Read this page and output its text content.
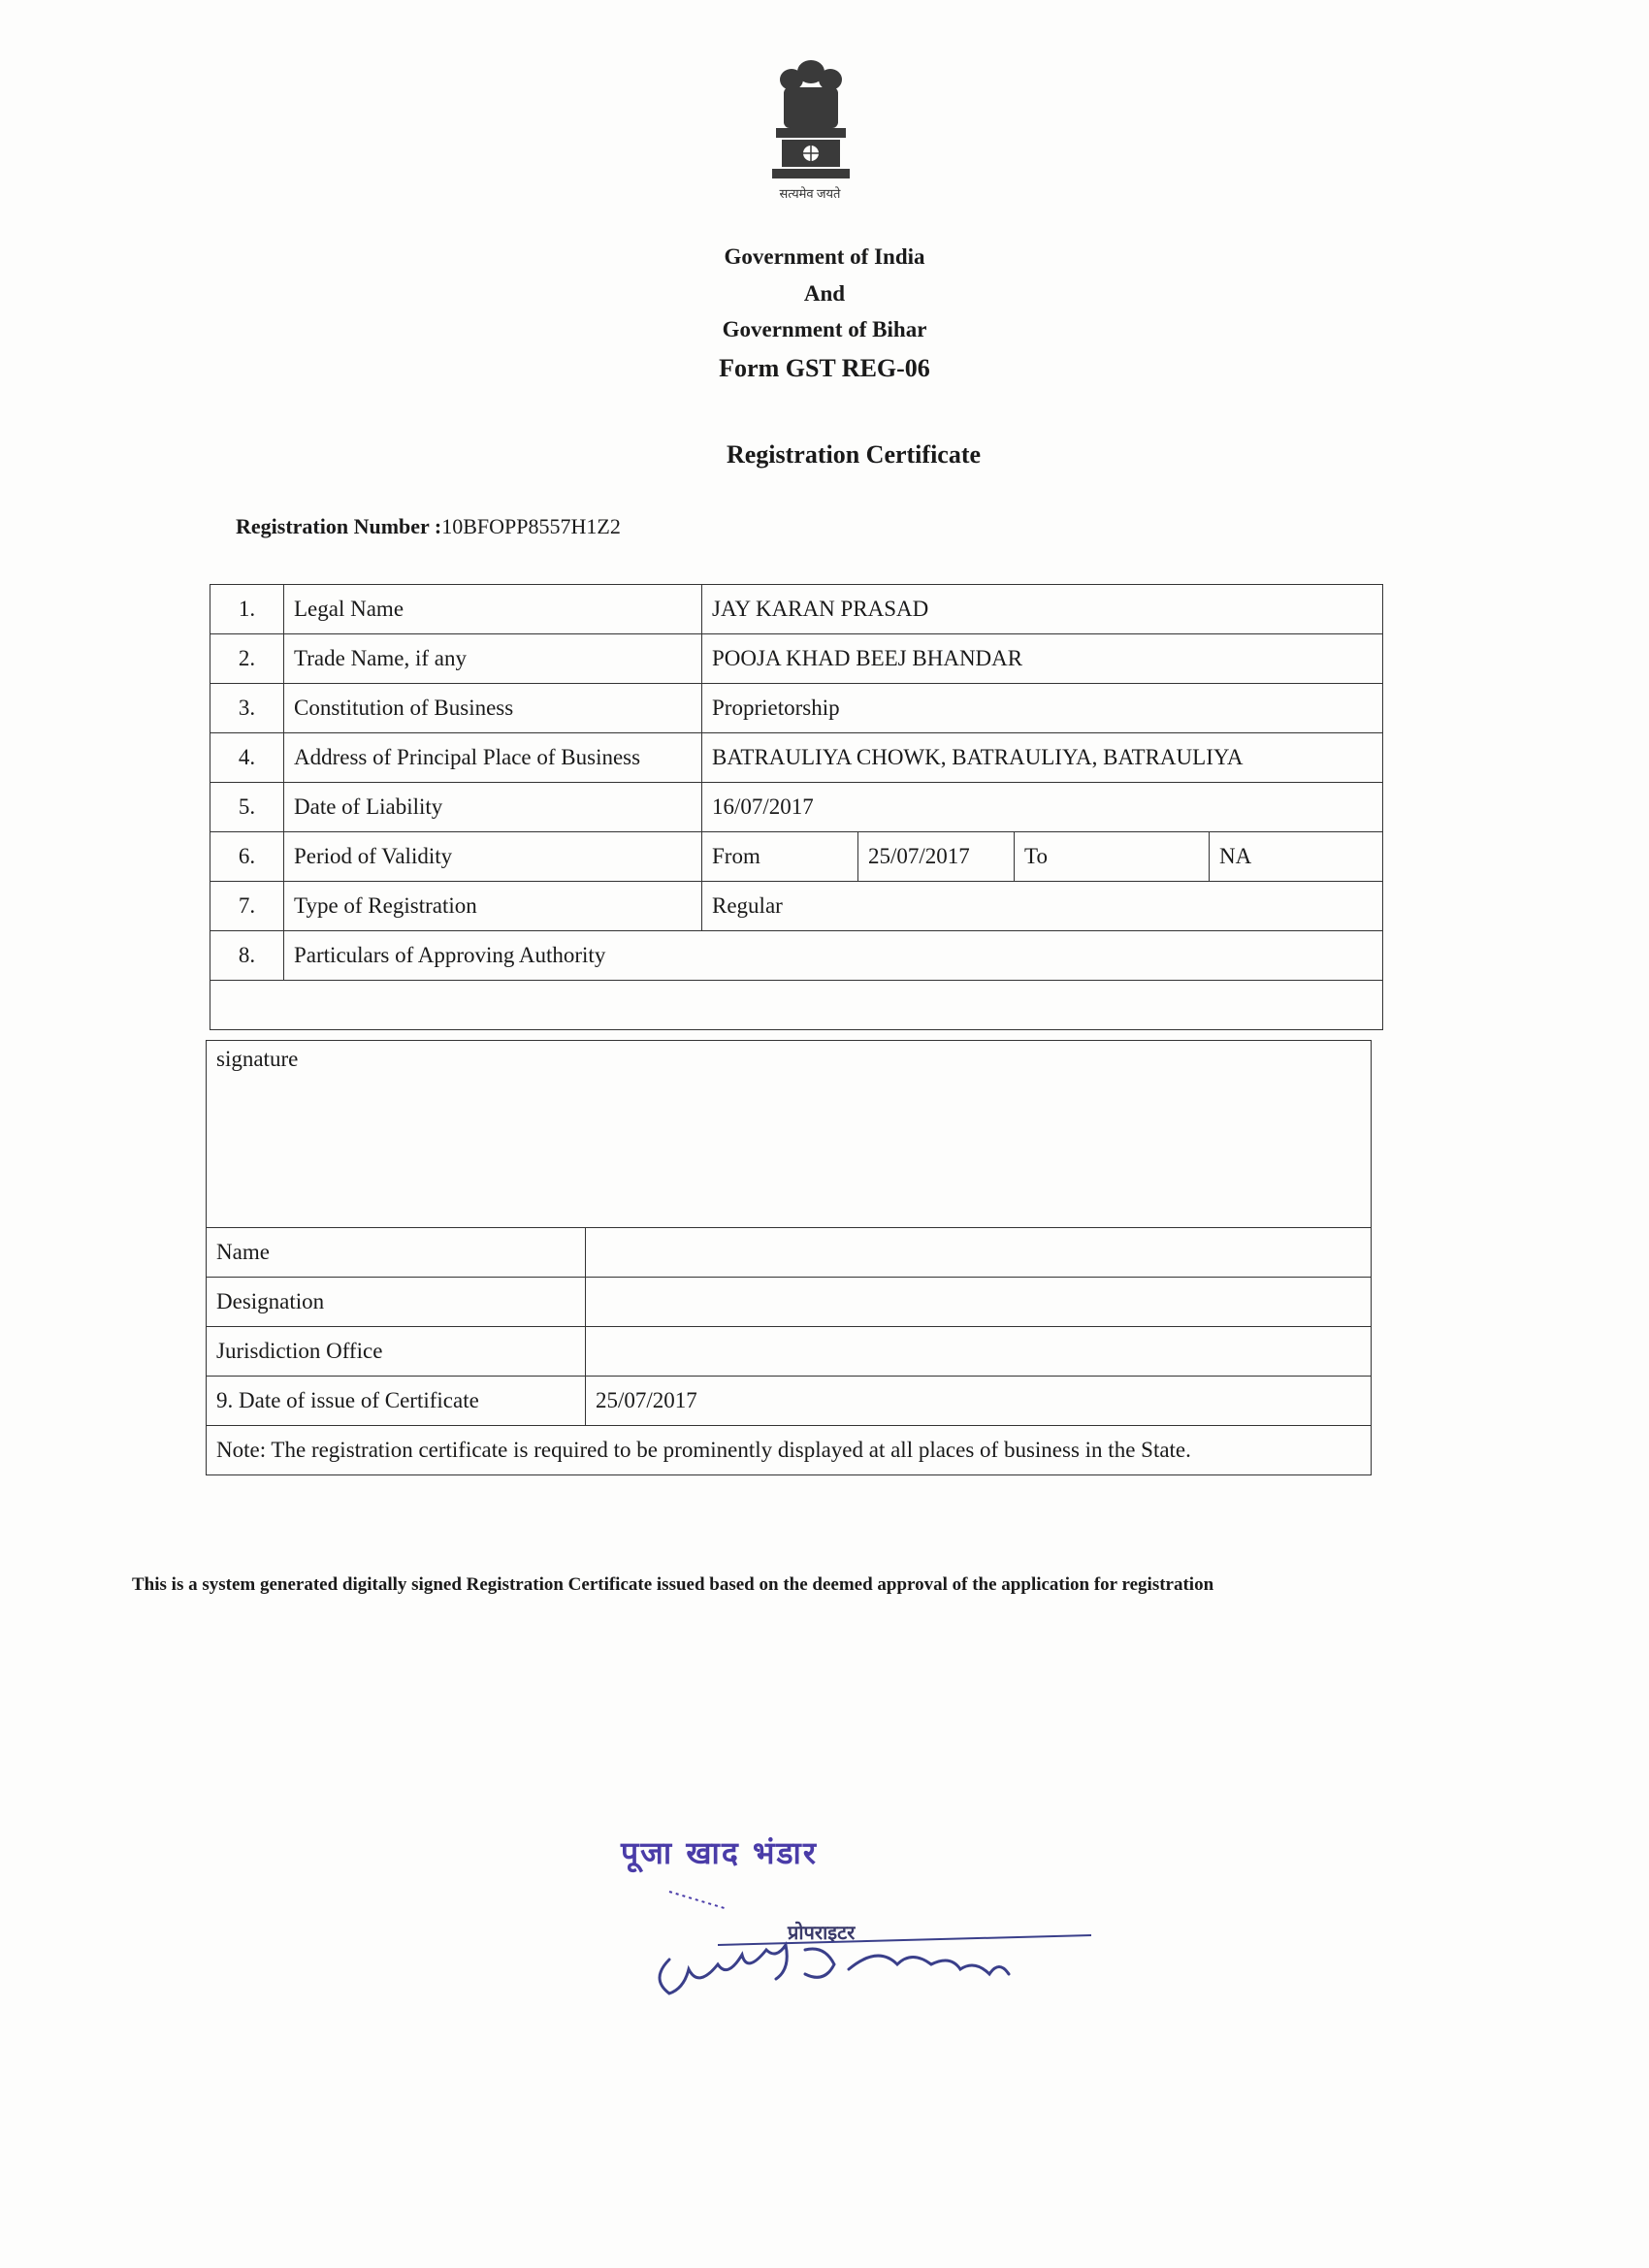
सत्यमेव जयते
Government of India
And
Government of Bihar
Form GST REG-06
Registration Certificate
Registration Number :10BFOPP8557H1Z2
1.	Legal Name	JAY KARAN PRASAD			
2.	Trade Name, if any	POOJA KHAD BEEJ BHANDAR			
3.	Constitution of Business	Proprietorship			
4.	Address of Principal Place of Business	BATRAULIYA CHOWK, BATRAULIYA, BATRAULIYA			
5.	Date of Liability	16/07/2017			
6.	Period of Validity	From	25/07/2017	To	NA
7.	Type of Registration	Regular			
8.	Particulars of Approving Authority				

signature	
Name	
Designation	
Jurisdiction Office	
9. Date of issue of Certificate	25/07/2017
Note: The registration certificate is required to be prominently displayed at all places of business in the State.	
This is a system generated digitally signed Registration Certificate issued based on the deemed approval of the application for registration
पूजा खाद भंडार
प्रोपराइटर
